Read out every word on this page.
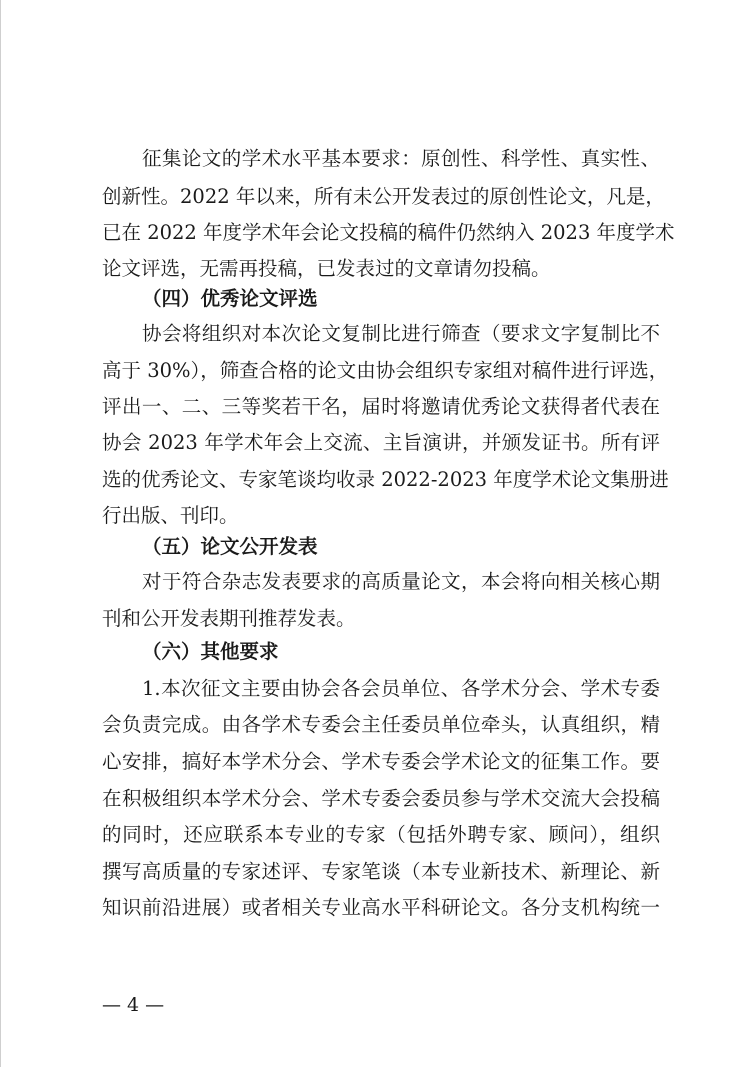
征集论文的学术水平基本要求：原创性、科学性、真实性、
创新性。2022 年以来，所有未公开发表过的原创性论文，凡是，
已在 2022 年度学术年会论文投稿的稿件仍然纳入 2023 年度学术
论文评选，无需再投稿，已发表过的文章请勿投稿。
（四）优秀论文评选
协会将组织对本次论文复制比进行筛查（要求文字复制比不
高于 30%），筛查合格的论文由协会组织专家组对稿件进行评选，
评出一、二、三等奖若干名，届时将邀请优秀论文获得者代表在
协会 2023 年学术年会上交流、主旨演讲，并颁发证书。所有评
选的优秀论文、专家笔谈均收录 2022-2023 年度学术论文集册进
行出版、刊印。
（五）论文公开发表
对于符合杂志发表要求的高质量论文，本会将向相关核心期
刊和公开发表期刊推荐发表。
（六）其他要求
1.本次征文主要由协会各会员单位、各学术分会、学术专委
会负责完成。由各学术专委会主任委员单位牵头，认真组织，精
心安排，搞好本学术分会、学术专委会学术论文的征集工作。要
在积极组织本学术分会、学术专委会委员参与学术交流大会投稿
的同时，还应联系本专业的专家（包括外聘专家、顾问），组织
撰写高质量的专家述评、专家笔谈（本专业新技术、新理论、新
知识前沿进展）或者相关专业高水平科研论文。各分支机构统一
— 4 —
